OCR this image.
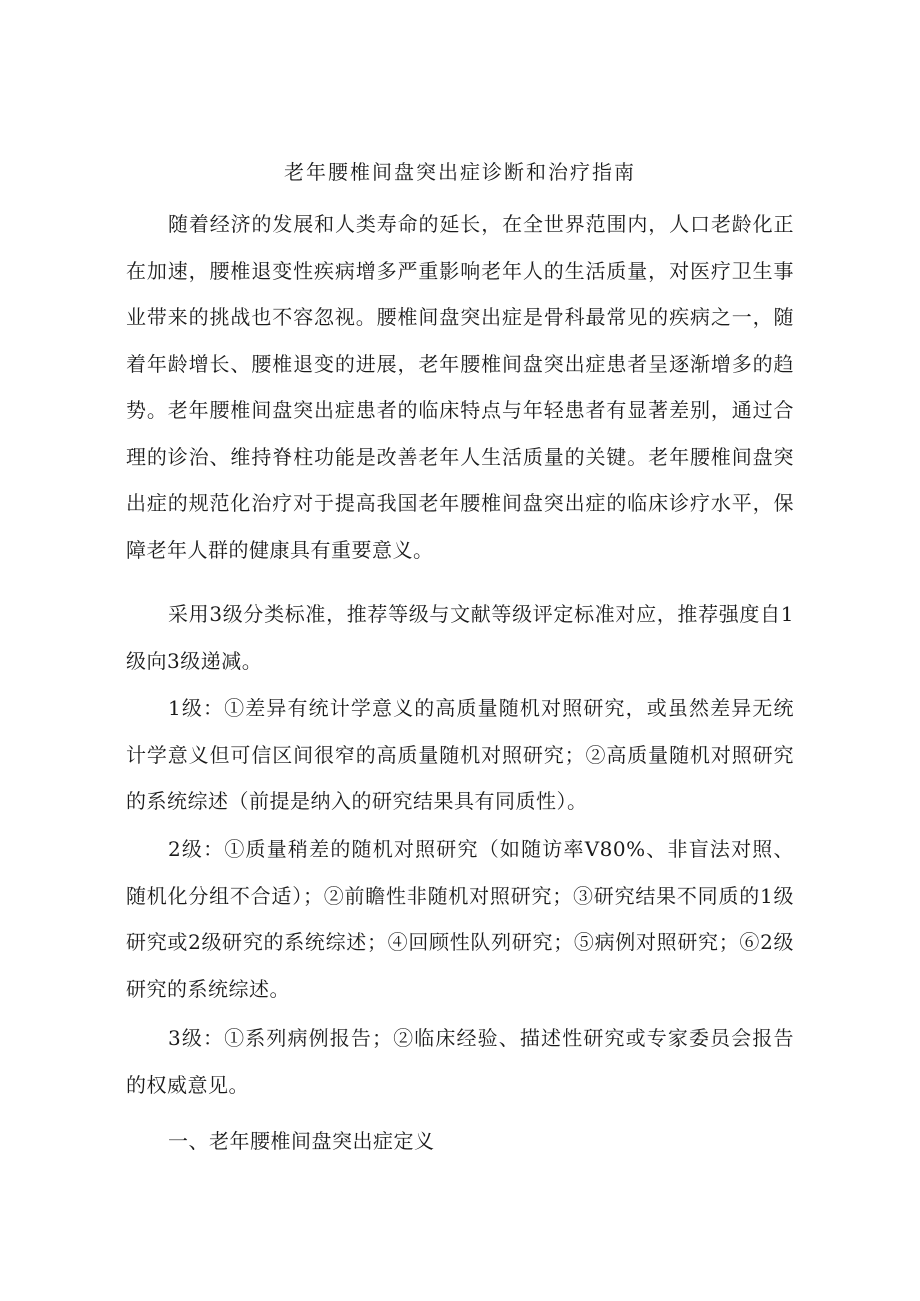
老年腰椎间盘突出症诊断和治疗指南

随着经济的发展和人类寿命的延长，在全世界范围内，人口老龄化正在加速，腰椎退变性疾病增多严重影响老年人的生活质量，对医疗卫生事业带来的挑战也不容忽视。腰椎间盘突出症是骨科最常见的疾病之一，随着年龄增长、腰椎退变的进展，老年腰椎间盘突出症患者呈逐渐增多的趋势。老年腰椎间盘突出症患者的临床特点与年轻患者有显著差别，通过合理的诊治、维持脊柱功能是改善老年人生活质量的关键。老年腰椎间盘突出症的规范化治疗对于提高我国老年腰椎间盘突出症的临床诊疗水平，保障老年人群的健康具有重要意义。

采用3级分类标准，推荐等级与文献等级评定标准对应，推荐强度自1级向3级递减。

1级：①差异有统计学意义的高质量随机对照研究，或虽然差异无统计学意义但可信区间很窄的高质量随机对照研究；②高质量随机对照研究的系统综述（前提是纳入的研究结果具有同质性）。

2级：①质量稍差的随机对照研究（如随访率V80%、非盲法对照、随机化分组不合适）；②前瞻性非随机对照研究；③研究结果不同质的1级研究或2级研究的系统综述；④回顾性队列研究；⑤病例对照研究；⑥2级研究的系统综述。

3级：①系列病例报告；②临床经验、描述性研究或专家委员会报告的权威意见。

一、老年腰椎间盘突出症定义
